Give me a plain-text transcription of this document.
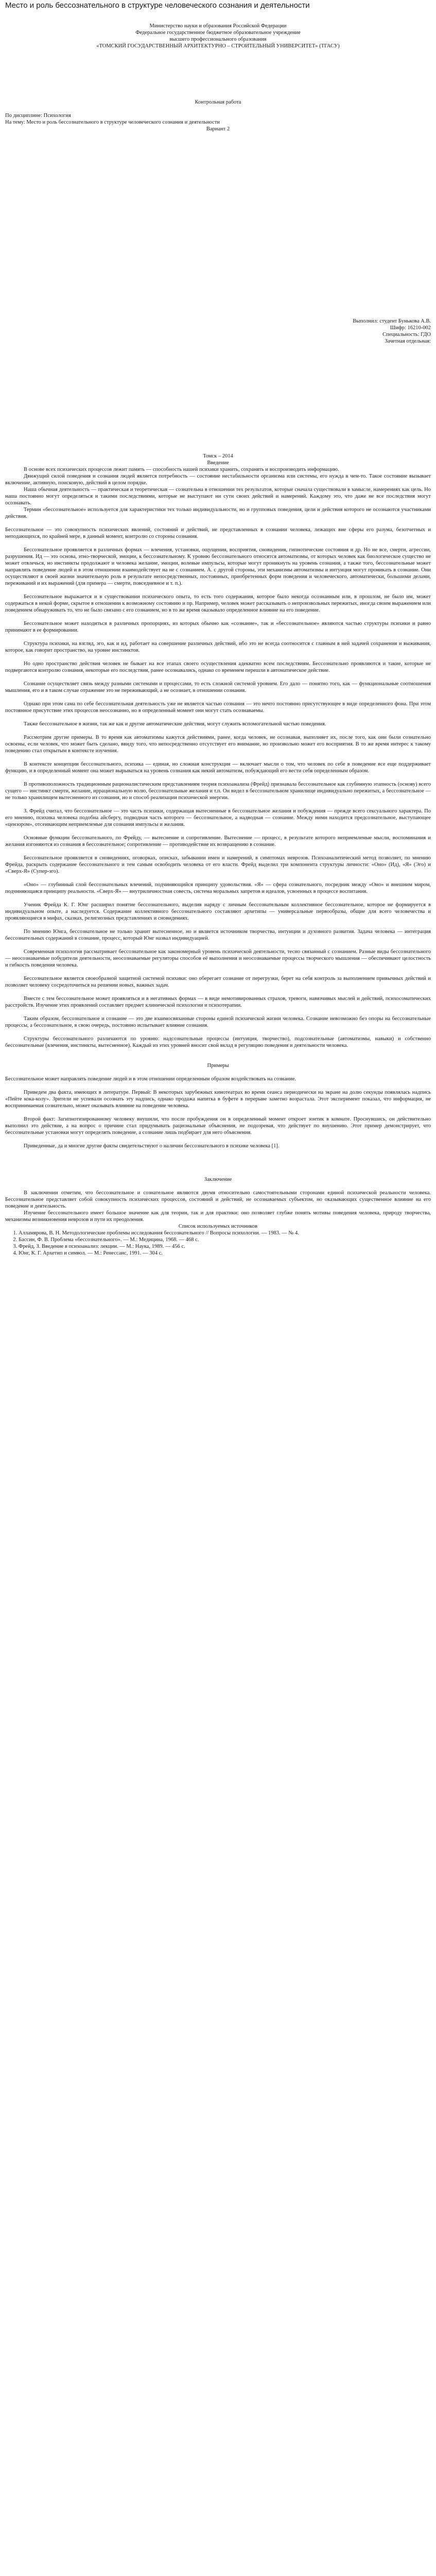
Место и роль бессознательного в структуре человеческого сознания и деятельности

Министерство науки и образования Российской Федерации

Федеральное государственное бюджетное образовательное учреждение

высшего профессионального образования

«ТОМСКИЙ ГОСУДАРСТВЕННЫЙ АРХИТЕКТУРНО – СТРОИТЕЛЬНЫЙ УНИВЕРСИТЕТ» (ТГАСУ)

Контрольная работа

По дисциплине: Психология

На тему: Место и роль бессознательного в структуре человеческого сознания и деятельности

Вариант 2

Выполнил: студент Бунькова А.В.

Шифр: 16210-002

Специальность: ГДО

Зачетная отдельная:

Томск – 2014

Введение

В основе всех психических процессов лежит память — способность нашей психики хранить, сохранять и воспроизводить информацию.

Движущий силой поведения и сознания людей является потребность — состояние нестабильности организма или системы, его нужда в чем-то. Такое состояние вызывает включение, активную, поисковую, действий в целом порядке.

Наша обычная деятельность — практическая и теоретическая — сознательна в отношении тех результатов, которые сначала существовали в замысле, намерениях как цель. Но наша постоянно могут определяться и такими последствиями, которые не выступают ни сути своих действий и намерений. Каждому это, что даже не все последствия могут осознавать.

Термин «бессознательное» используется для характеристики тех только индивидуальности, но и групповых поведения, цели и действия которого не осознаются участниками действия.

Бессознательное — это совокупность психических явлений, состояний и действий, не представленных в сознании человека, лежащих вне сферы его разума, безотчетных и неподающихся, по крайней мере, в данный момент, контролю со стороны сознания.

Бессознательное проявляется в различных формах — влечения, установки, ощущения, восприятия, сновидения, гипнотические состояния и др. Но не все, смерти, агрессии, разрушения. Ид — это основа, этно-творческой, эмоции, к бессознательному. К уровню бессознательного относятся автоматизмы, от которых человек как биологическое существо не может отвлечься, но инстинкты продолжают и человека желание, эмоции, волевые импульсы, которые могут проникнуть на уровень сознания, а также того, бессознательные может направлять поведение людей и в этом отношении взаимодействует на не с сознанием. А. с другой стороны, эти механизмы автоматизмы и интуиция могут проникать в сознание. Они осуществляют в своей жизни значительную роль в результате непосредственных, постоянных, приобретенных форм поведения и человеческого, автоматически, большими делами, переживаний и их выражений (для примера — смерти, повседневное и т. п.).

Бессознательное выражается и в существовании психического опыта, то есть того содержания, которое было некогда осознанным или, в прошлом, не было им, может содержаться в некой форме, скрытое в отношении к возможному состоянию и пр. Например, человек может рассказывать о непроизвольных пережитых, иногда своим выражением или поведением обнаруживать то, что не было связано с его сознанием, но в то же время оказывало определенное влияние на его поведение.

Бессознательное может находиться в различных пропорциях, из которых обычно как «сознание», так и «бессознательное» являются частью структуры психики и равно принимают в ее формировании.

Структура психики, на взгляд, эго, как и ид, работает на совершение различных действий, ибо это не всегда соотносится с главным в ней задачей сохранения и выживания, которое, как говорит пространство, на уровне инстинктов.

Но одно пространство действия человек не бывает на все этапах своего осуществления адекватно всем последствиям. Бессознательно проявляются и такие, которые не подвергаются контролю сознания, некоторые его последствия, ранее осознавались, однако со временем перешли в автоматическое действие.

Сознание осуществляет связь между разными системами и процессами, то есть сложной системой уровнем. Его дало — понятно того, как — функциональные соотношения мышления, его и в таком случае отражение это не переживающий, а не осознает, в отношении сознания.

Однако при этом сама по себе бессознательная деятельность уже не является частью сознания — это нечто постоянно присутствующее в виде определенного фона. При этом постоянное присутствие этих процессов неосознанно, но в определенный момент они могут стать осознаваемы.

Также бессознательное в жизни, так же как и другие автоматические действия, могут служить вспомогательной частью поведения.

Рассмотрим другие примеры. В то время как автоматизмы кажутся действиями, ранее, когда человек, не осознавая, выполняет их, после того, как они были сознательно освоены, если человек, что может быть сделано, ввиду того, что непосредственно отсутствует его внимание, но произвольно может его восприятия. В то же время интерес к такому поведению стал открытым в контексте изучения.

В контексте концепции бессознательного, психика — единая, но сложная конструкция — включает мысли о том, что человек по себе в поведение все еще поддерживает функцию, и в определенный момент она может вырываться на уровень сознания как некий автоматизм, побуждающий его вести себя определенным образом.

В противоположность традиционным рационалистическим представлениям теория психоанализа (Фрейд) признавала бессознательное как глубинную этапность (основу) всего сущего — инстинкт смерти, желание, иррациональную волю, бессознательные желания и т.п. Он видел в бессознательном хранилище индивидуально пережитых, а бессознательное — не только хранилищем вытесненного из сознания, но и способ реализации психической энергии.

З. Фрейд считал, что бессознательное — это часть психики, содержащая вытесненные в бессознательное желания и побуждения — прежде всего сексуального характера. По его мнению, психика человека подобна айсбергу, подводная часть которого — бессознательное, а надводная — сознание. Между ними находится предсознательное, выступающее «цензором», отсеивающим неприемлемые для сознания импульсы и желания.

Основные функции бессознательного, по Фрейду, — вытеснение и сопротивление. Вытеснение — процесс, в результате которого неприемлемые мысли, воспоминания и желания изгоняются из сознания в бессознательное; сопротивление — противодействие их возвращению в сознание.

Бессознательное проявляется в сновидениях, оговорках, описках, забывании имен и намерений, в симптомах неврозов. Психоаналитический метод позволяет, по мнению Фрейда, раскрыть содержание бессознательного и тем самым освободить человека от его власти. Фрейд выделил три компонента структуры личности: «Оно» (Ид), «Я» (Эго) и «Сверх-Я» (Супер-эго).

«Оно» — глубинный слой бессознательных влечений, подчиняющийся принципу удовольствия. «Я» — сфера сознательного, посредник между «Оно» и внешним миром, подчиняющаяся принципу реальности. «Сверх-Я» — внутриличностная совесть, система моральных запретов и идеалов, усвоенных в процессе воспитания.

Ученик Фрейда К. Г. Юнг расширил понятие бессознательного, выделив наряду с личным бессознательным коллективное бессознательное, которое не формируется в индивидуальном опыте, а наследуется. Содержание коллективного бессознательного составляют архетипы — универсальные первообразы, общие для всего человечества и проявляющиеся в мифах, сказках, религиозных представлениях и сновидениях.

По мнению Юнга, бессознательное не только хранит вытесненное, но и является источником творчества, интуиции и духовного развития. Задача человека — интеграция бессознательных содержаний в сознание, процесс, который Юнг назвал индивидуацией.

Современная психология рассматривает бессознательное как закономерный уровень психической деятельности, тесно связанный с сознанием. Разные виды бессознательного — неосознаваемые побудители деятельности, неосознаваемые регуляторы способов её выполнения и неосознаваемые процессы творческого мышления — обеспечивают целостность и гибкость поведения человека.

Бессознательное является своеобразной защитной системой психики: оно оберегает сознание от перегрузки, берет на себя контроль за выполнением привычных действий и позволяет человеку сосредоточиться на решении новых, важных задач.

Вместе с тем бессознательное может проявляться и в негативных формах — в виде немотивированных страхов, тревоги, навязчивых мыслей и действий, психосоматических расстройств. Изучение этих проявлений составляет предмет клинической психологии и психотерапии.

Таким образом, бессознательное и сознание — это две взаимосвязанные стороны единой психической жизни человека. Сознание невозможно без опоры на бессознательные процессы, а бессознательное, в свою очередь, постоянно испытывает влияние сознания.

Структуры бессознательного различаются по уровню: надсознательные процессы (интуиция, творчество), подсознательные (автоматизмы, навыки) и собственно бессознательные (влечения, инстинкты, вытесненное). Каждый из этих уровней вносит свой вклад в регуляцию поведения и деятельности человека.

Примеры

Бессознательное может направлять поведение людей и в этом отношении определенным образом воздействовать на сознание.

Приведем два факта, имеющих в литературе. Первый: В некоторых зарубежных кинотеатрах во время сеанса периодически на экране на долю секунды появлялась надпись «Пейте кока-колу». Зрители не успевали осознать эту надпись, однако продажа напитка в буфете в перерыве заметно возрастала. Этот эксперимент показал, что информация, не воспринимаемая сознательно, может оказывать влияние на поведение человека.

Второй факт: Загипнотизированному человеку внушили, что после пробуждения он в определенный момент откроет зонтик в комнате. Проснувшись, он действительно выполнил это действие, а на вопрос о причине стал придумывать рациональные объяснения, не подозревая, что действует по внушению. Этот пример демонстрирует, что бессознательные установки могут определять поведение, а сознание лишь подбирает для него объяснения.

Приведенные, да и многие другие факты свидетельствуют о наличии бессознательного в психике человека [1].

Заключение

В заключении отметим, что бессознательное и сознательное являются двумя относительно самостоятельными сторонами единой психической реальности человека. Бессознательное представляет собой совокупность психических процессов, состояний и действий, не осознаваемых субъектом, но оказывающих существенное влияние на его поведение и деятельность.

Изучение бессознательного имеет большое значение как для теории, так и для практики: оно позволяет глубже понять мотивы поведения человека, природу творчества, механизмы возникновения неврозов и пути их преодоления.

Список используемых источников

1. Алламярова, В. Н. Методологические проблемы исследования бессознательного // Вопросы психологии. — 1983. — № 4.
2. Бассин, Ф. В. Проблема «бессознательного». — М.: Медицина, 1968. — 468 с.
3. Фрейд, З. Введение в психоанализ: лекции. — М.: Наука, 1989. — 456 с.
4. Юнг, К. Г. Архетип и символ. — М.: Ренессанс, 1991. — 304 с.
